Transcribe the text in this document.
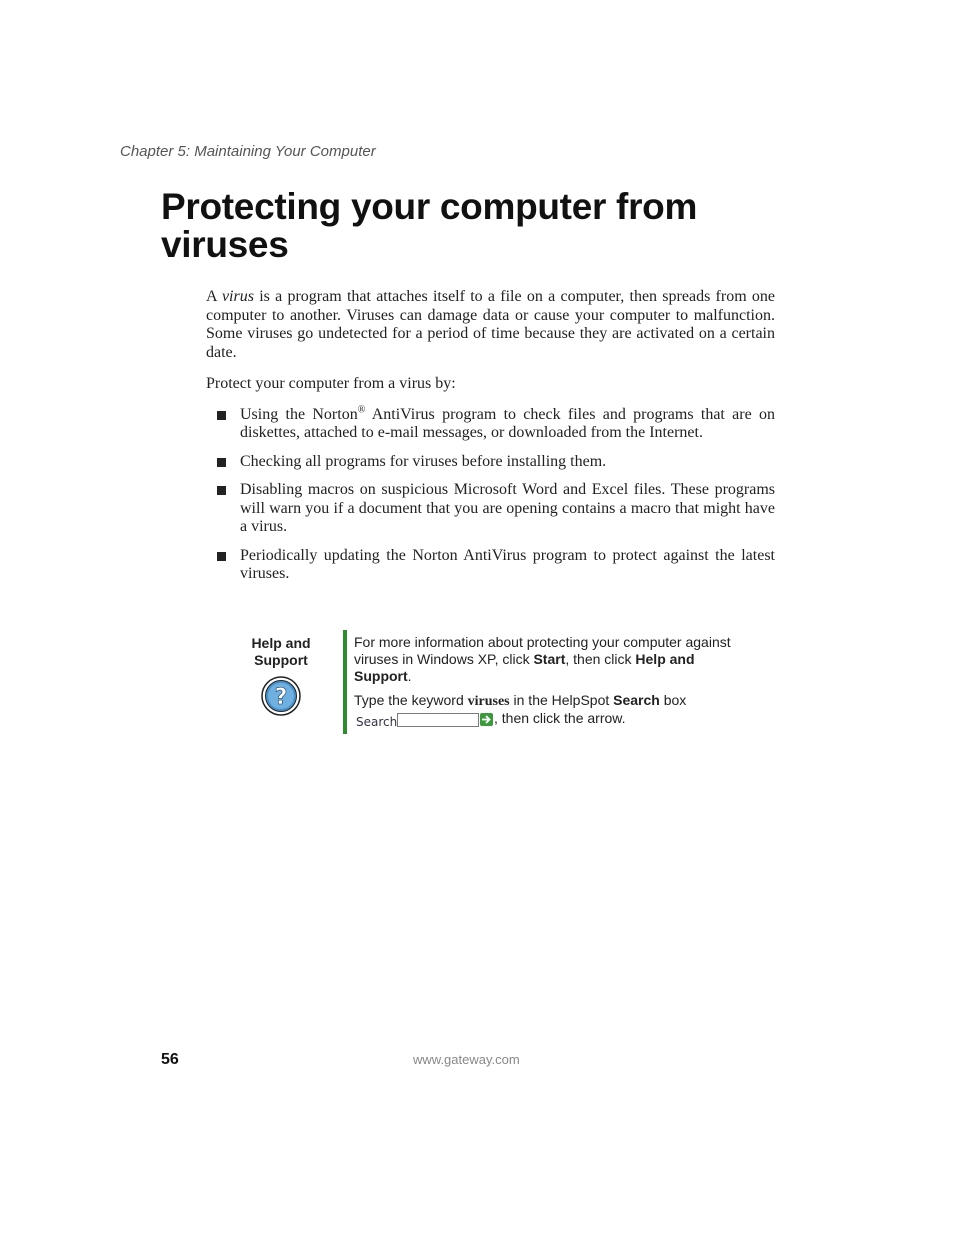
Chapter 5: Maintaining Your Computer
Protecting your computer from viruses

A virus is a program that attaches itself to a file on a computer, then spreads from one computer to another. Viruses can damage data or cause your computer to malfunction. Some viruses go undetected for a period of time because they are activated on a certain date.

Protect your computer from a virus by:

Using the Norton® AntiVirus program to check files and programs that are on diskettes, attached to e-mail messages, or downloaded from the Internet.
Checking all programs for viruses before installing them.
Disabling macros on suspicious Microsoft Word and Excel files. These programs will warn you if a document that you are opening contains a macro that might have a virus.
Periodically updating the Norton AntiVirus program to protect against the latest viruses.
Help and
Support
?

For more information about protecting your computer against viruses in Windows XP, click Start, then click Help and Support.

Type the keyword viruses in the HelpSpot Search box

Search	, then click the arrow.

56	www.gateway.com
